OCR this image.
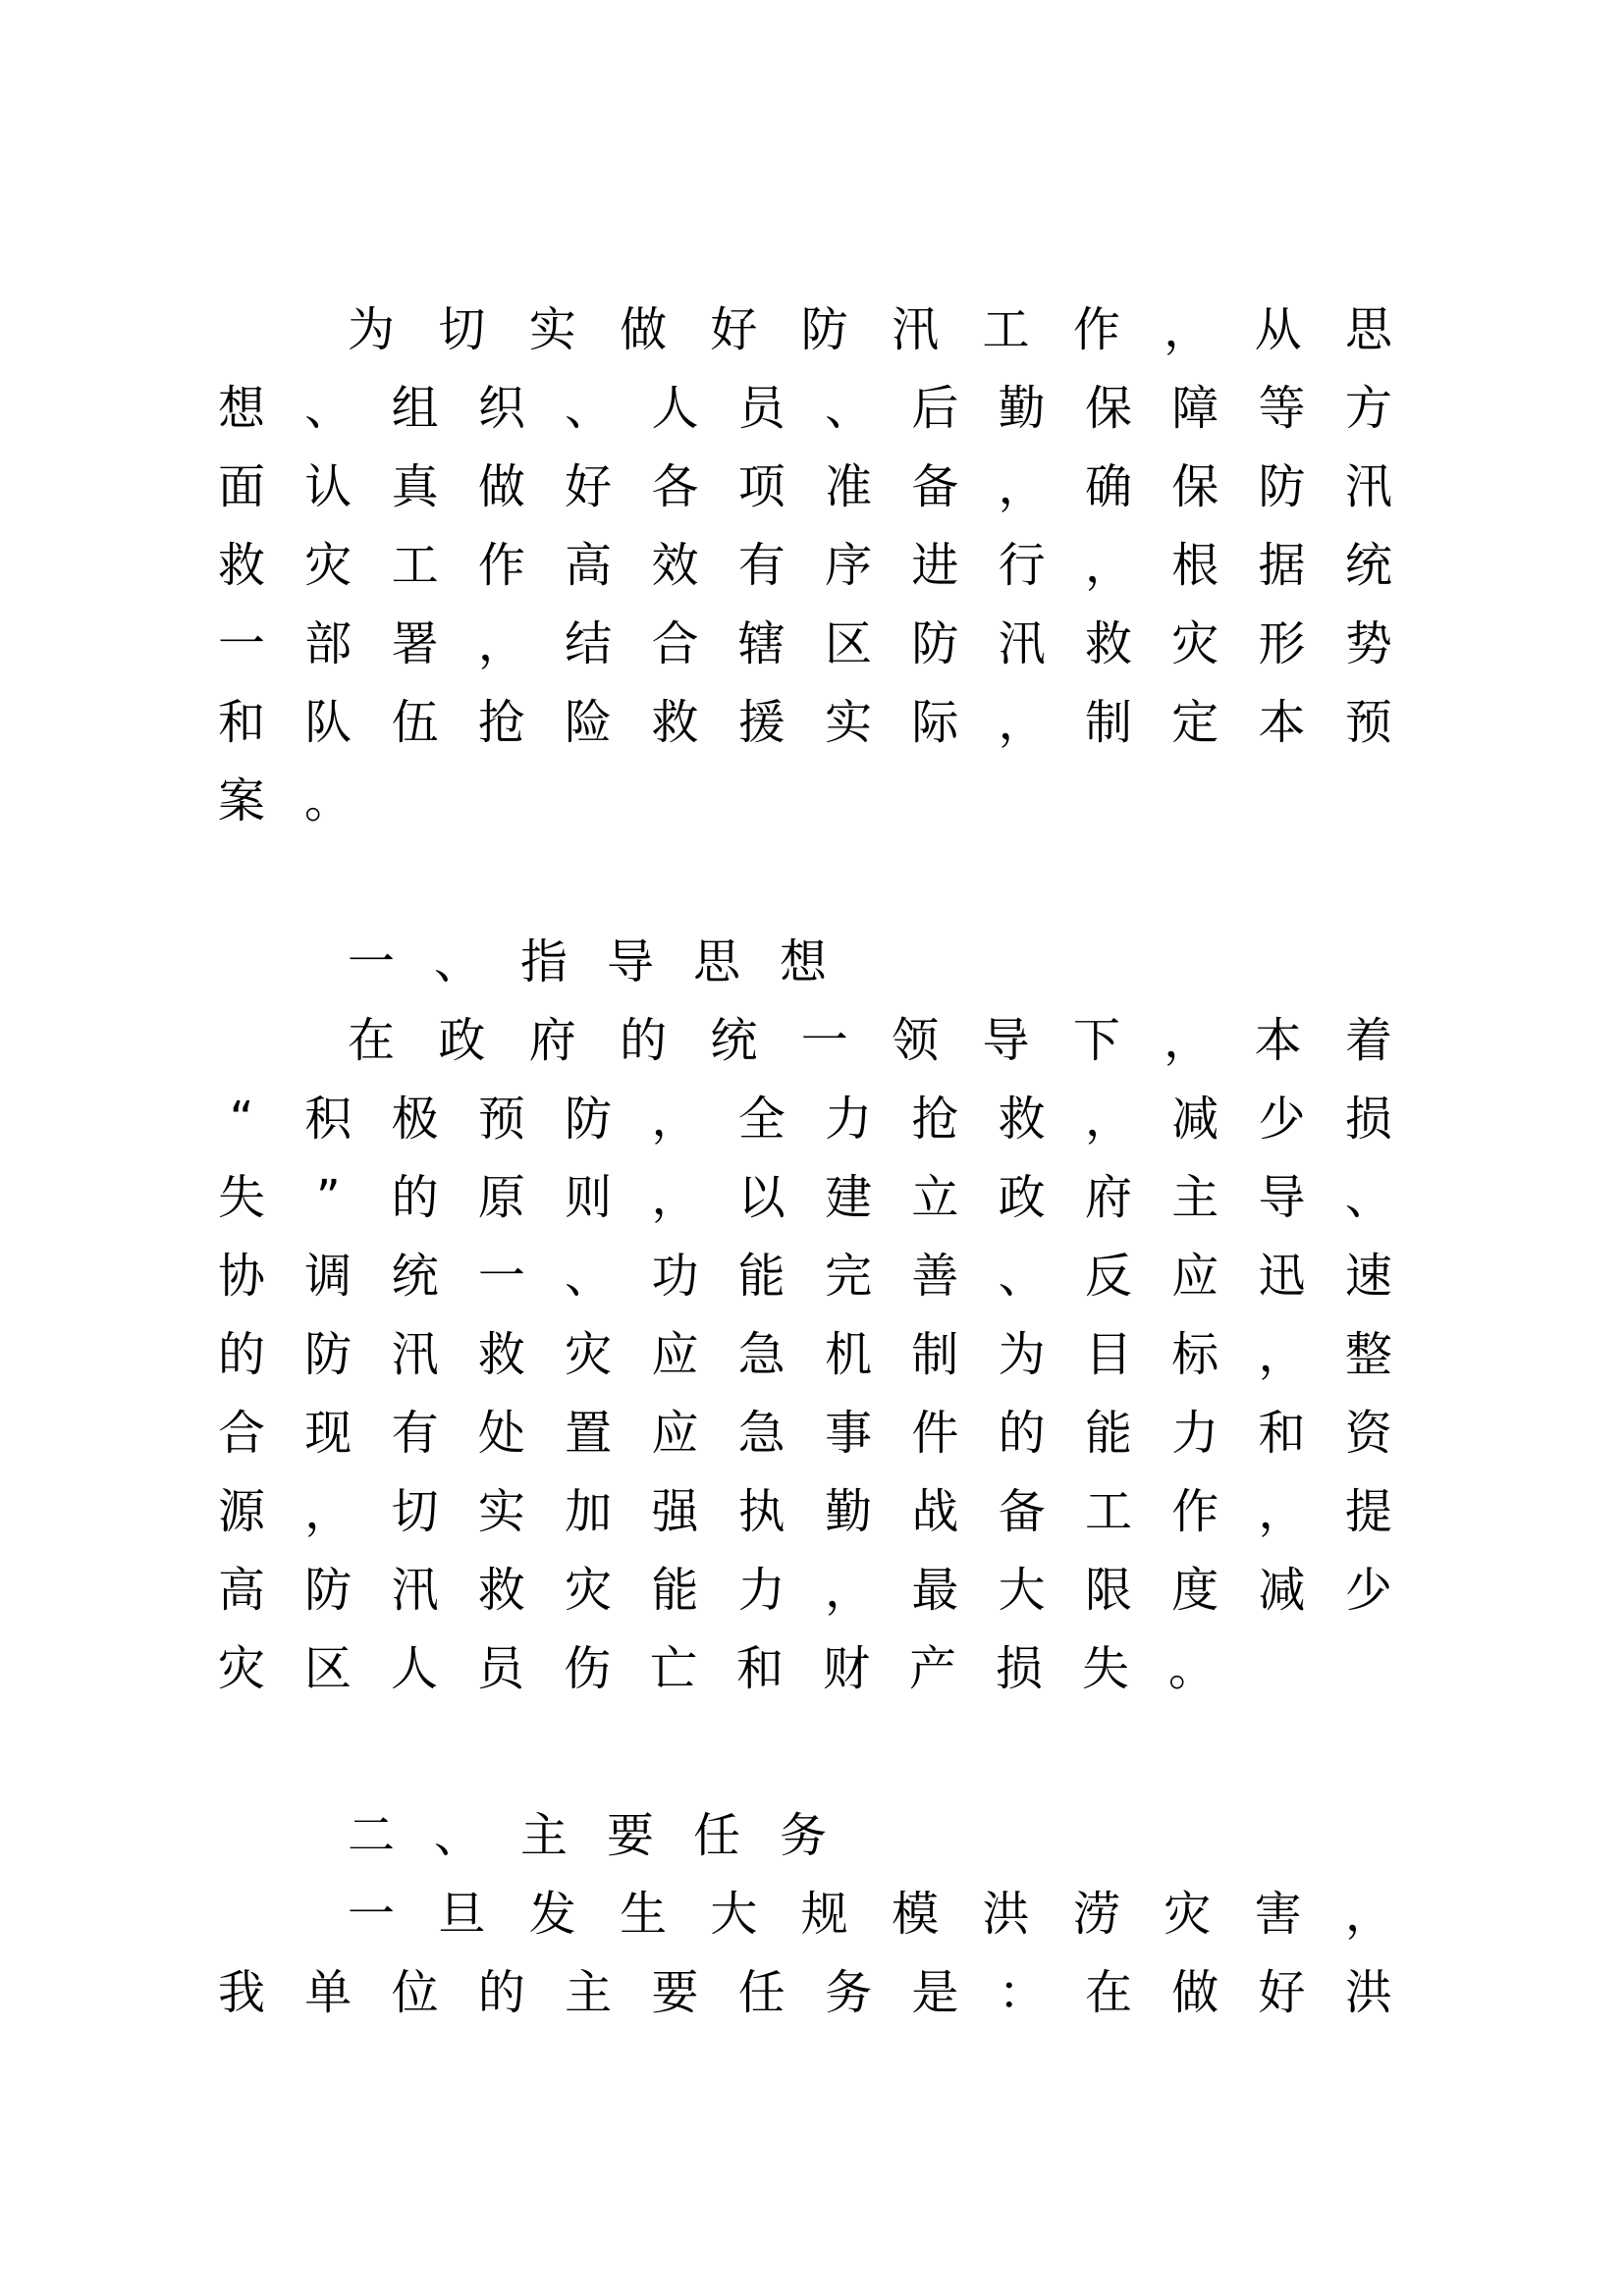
为 切 实 做 好 防 汛 工 作 ， 从 思
想 、 组 织 、 人 员 、 后 勤 保 障 等 方
面 认 真 做 好 各 项 准 备 ， 确 保 防 汛
救 灾 工 作 高 效 有 序 进 行 ， 根 据 统
一 部 署 ， 结 合 辖 区 防 汛 救 灾 形 势
和 队 伍 抢 险 救 援 实 际 ， 制 定 本 预
案 。
一 、 指 导 思 想
在 政 府 的 统 一 领 导 下 ， 本 着
“ 积 极 预 防 ， 全 力 抢 救 ， 减 少 损
失 ” 的 原 则 ， 以 建 立 政 府 主 导 、
协 调 统 一 、 功 能 完 善 、 反 应 迅 速
的 防 汛 救 灾 应 急 机 制 为 目 标 ， 整
合 现 有 处 置 应 急 事 件 的 能 力 和 资
源 ， 切 实 加 强 执 勤 战 备 工 作 ， 提
高 防 汛 救 灾 能 力 ， 最 大 限 度 减 少
灾 区 人 员 伤 亡 和 财 产 损 失 。
二 、 主 要 任 务
一 旦 发 生 大 规 模 洪 涝 灾 害 ，
我 单 位 的 主 要 任 务 是 ： 在 做 好 洪
